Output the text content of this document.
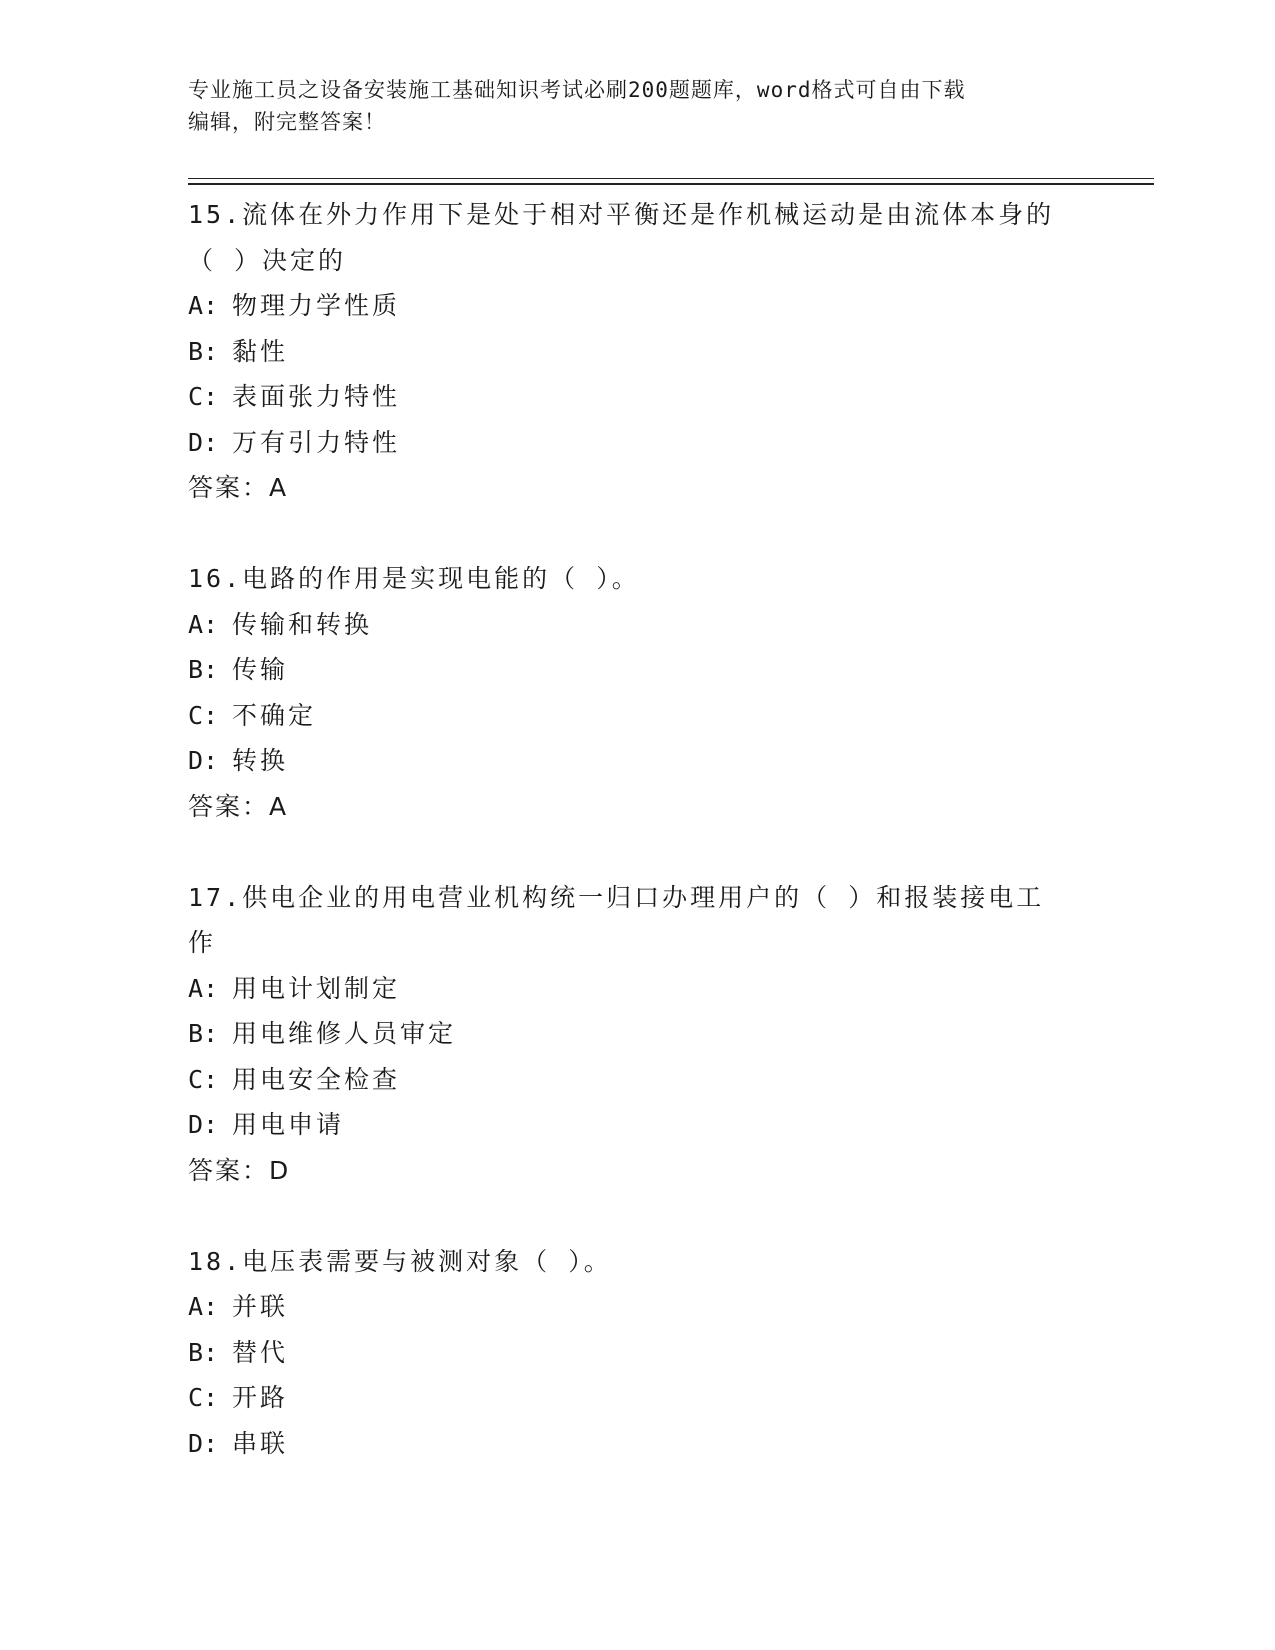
专业施工员之设备安装施工基础知识考试必刷200题题库，word格式可自由下载
编辑，附完整答案！
15.流体在外力作用下是处于相对平衡还是作机械运动是由流体本身的
（ ）决定的
A: 物理力学性质
B: 黏性
C: 表面张力特性
D: 万有引力特性
答案：A
16.电路的作用是实现电能的（ ）。
A: 传输和转换
B: 传输
C: 不确定
D: 转换
答案：A
17.供电企业的用电营业机构统一归口办理用户的（ ）和报装接电工
作
A: 用电计划制定
B: 用电维修人员审定
C: 用电安全检查
D: 用电申请
答案：D
18.电压表需要与被测对象（ ）。
A: 并联
B: 替代
C: 开路
D: 串联
